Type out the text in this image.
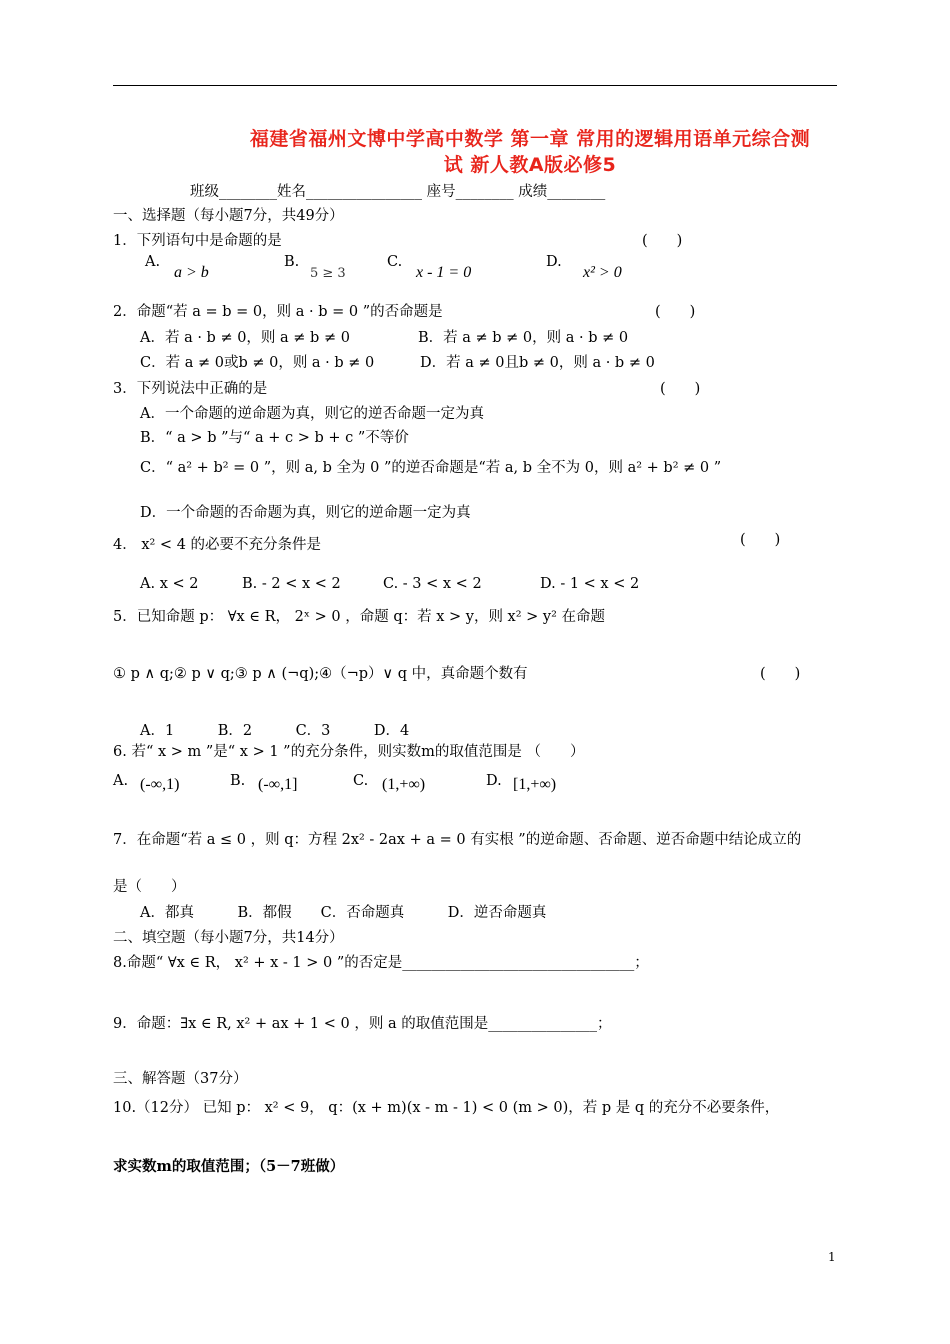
福建省福州文博中学高中数学 第一章 常用的逻辑用语单元综合测
试 新人教A版必修5
班级________姓名________________ 座号________ 成绩________
一、选择题（每小题7分，共49分）
1．下列语句中是命题的是	(　　)
A.
a > b
B.
5 ≥ 3
C.
x - 1 = 0
D.
x² > 0
2．命题“若 a = b = 0，则 a · b = 0 ”的否命题是	(　　)
A．若 a · b ≠ 0，则 a ≠ b ≠ 0	B．若 a ≠ b ≠ 0，则 a · b ≠ 0
C．若 a ≠ 0或b ≠ 0，则 a · b ≠ 0	D．若 a ≠ 0且b ≠ 0，则 a · b ≠ 0
3．下列说法中正确的是	(　　)
A．一个命题的逆命题为真，则它的逆否命题一定为真
B．“ a > b ”与“ a + c > b + c ”不等价
C．“ a² + b² = 0 ”，则 a, b 全为 0 ”的逆否命题是“若 a, b 全不为 0，则 a² + b² ≠ 0 ”
D．一个命题的否命题为真，则它的逆命题一定为真
4． x² < 4 的必要不充分条件是	(　　)
A. x < 2	B. - 2 < x < 2	C. - 3 < x < 2	D. - 1 < x < 2
5．已知命题 p： ∀x ∈ R， 2ˣ > 0 ，命题 q：若 x > y，则 x² > y² 在命题
① p ∧ q;② p ∨ q;③ p ∧ (¬q);④（¬p）∨ q 中，真命题个数有	(　　)
A．1　　　B．2　　　C．3　　　D．4
6. 若“ x > m ”是“ x > 1 ”的充分条件，则实数m的取值范围是 （　　）
A. (-∞,1)	B. (-∞,1]	C. (1,+∞)	D. [1,+∞)
7．在命题“若 a ≤ 0 ，则 q：方程 2x² - 2ax + a = 0 有实根 ”的逆命题、否命题、逆否命题中结论成立的
是（　　）
A．都真　　　B．都假　　C．否命题真　　　D．逆否命题真
二、填空题（每小题7分，共14分）
8.命题“ ∀x ∈ R， x² + x - 1 > 0 ”的否定是________________________________；
9．命题：∃x ∈ R, x² + ax + 1 < 0 ，则 a 的取值范围是_______________；
三、解答题（37分）
10.（12分） 已知 p： x² < 9， q：(x + m)(x - m - 1) < 0 (m > 0)，若 p 是 q 的充分不必要条件，
求实数m的取值范围；（5－7班做）
1
